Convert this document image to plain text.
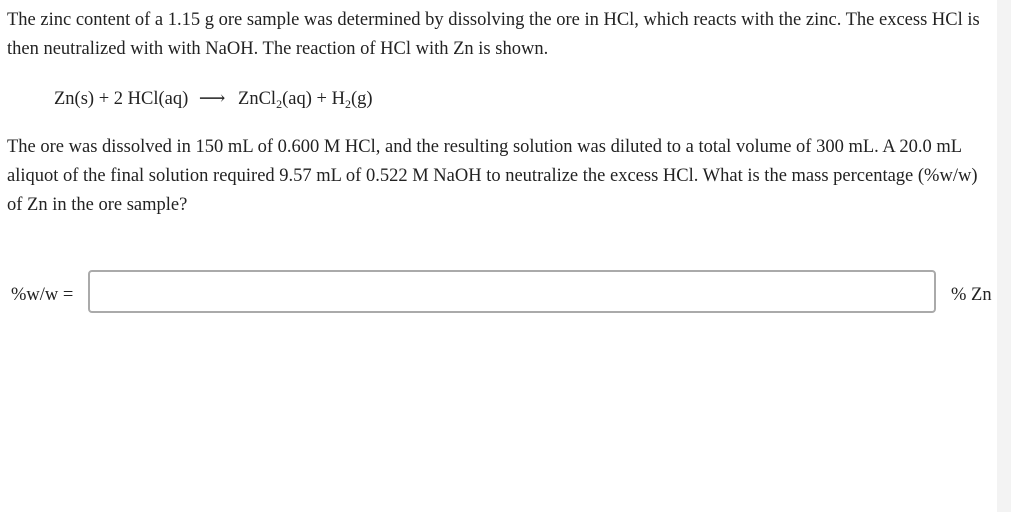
The zinc content of a 1.15 g ore sample was determined by dissolving the ore in HCl, which reacts with the zinc. The excess HCl is then neutralized with with NaOH. The reaction of HCl with Zn is shown.

Zn(s) + 2 HCl(aq) ⟶ ZnCl$_2$(aq) + $H_2(g)$

The ore was dissolved in 150 mL of 0.600 M HCl, and the resulting solution was diluted to a total volume of 300 mL. A 20.0 mL aliquot of the final solution required 9.57 mL of 0.522 M NaOH to neutralize the excess HCl. What is the mass percentage (%w/w) of Zn in the ore sample?

%w/w =	% Zn
